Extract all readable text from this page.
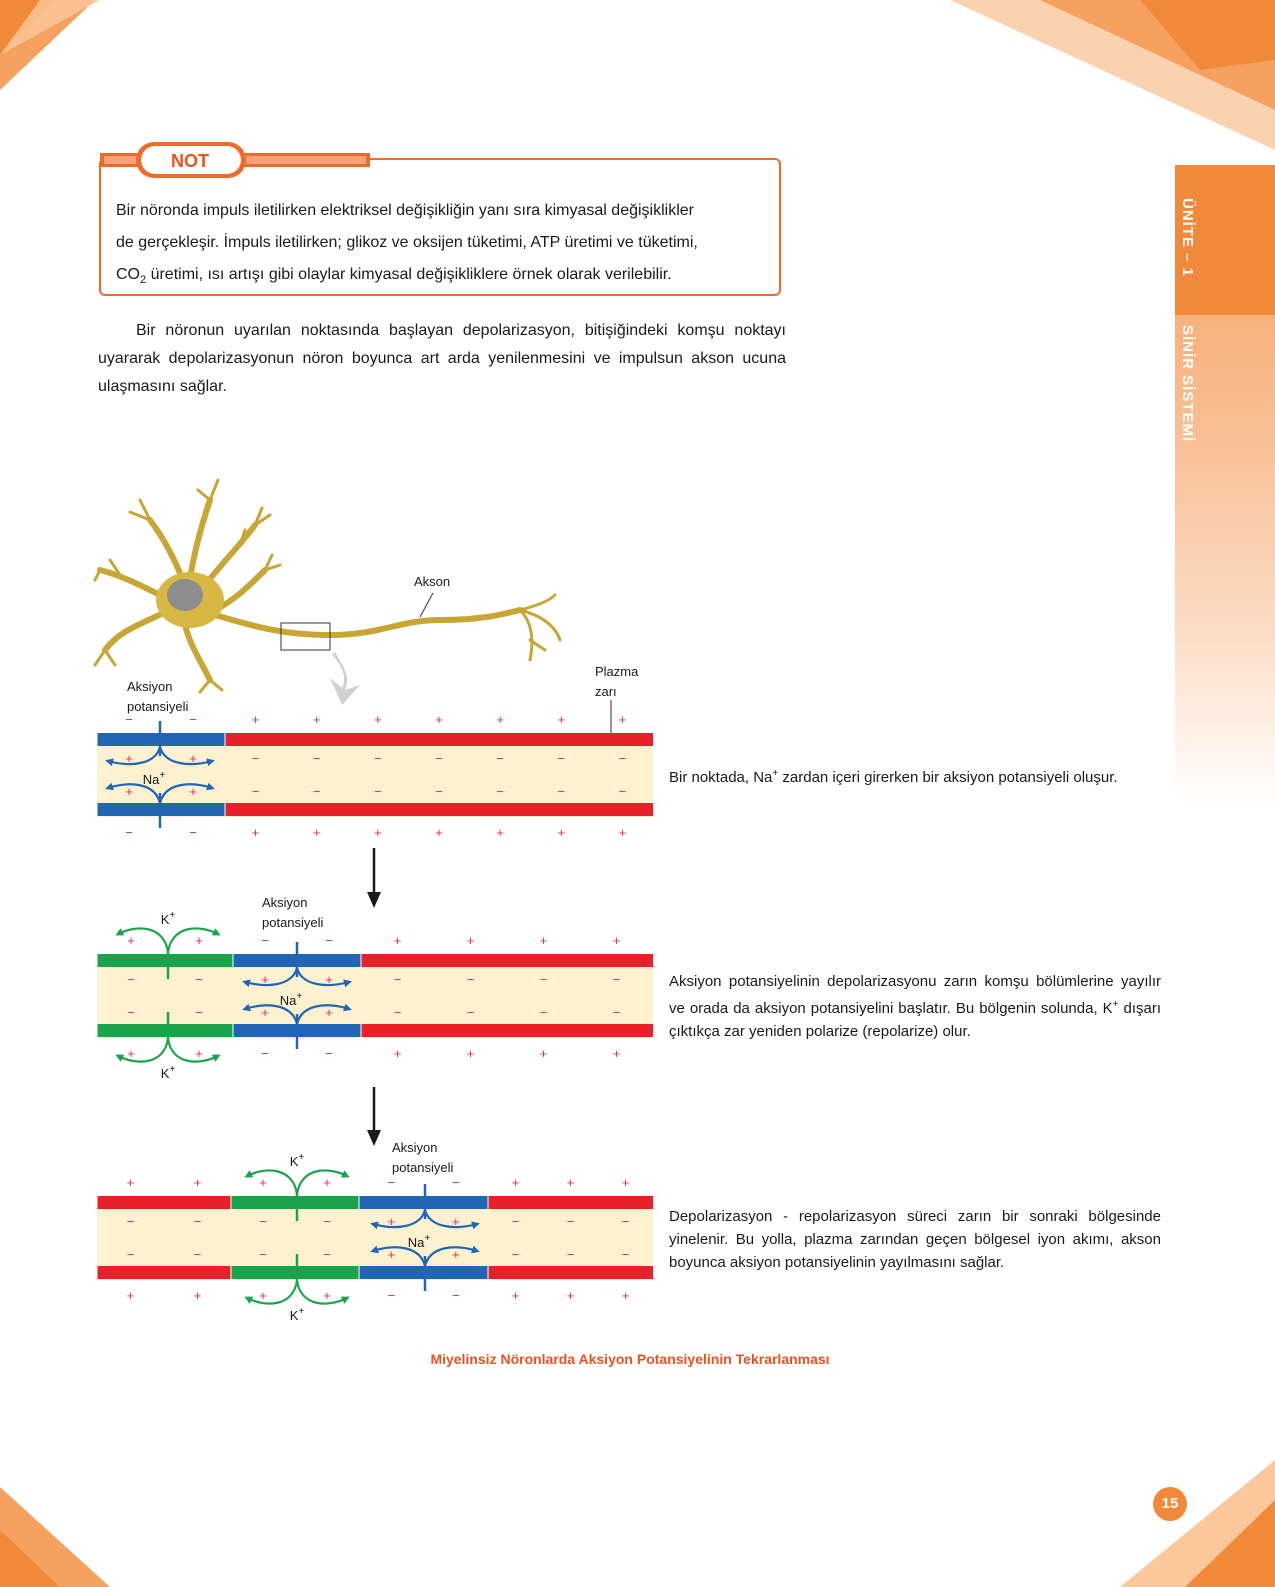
ÜNİTE – 1
SİNİR SİSTEMİ
NOT
Bir nöronda impuls iletilirken elektriksel değişikliğin yanı sıra kimyasal değişiklikler
de gerçekleşir. İmpuls iletilirken; glikoz ve oksijen tüketimi, ATP üretimi ve tüketimi,
$CO_2$ üretimi, ısı artışı gibi olaylar kimyasal değişikliklere örnek olarak verilebilir.
Bir nöronun uyarılan noktasında başlayan depolarizasyon, bitişiğindeki komşu noktayı uyararak depolarizasyonun nöron boyunca art arda yenilenmesini ve impulsun akson ucuna ulaşmasını sağlar.
Akson
Plazma
zarı
Aksiyon
potansiyeli
Aksiyon
potansiyeli
Aksiyon
potansiyeli
−
+
+
−
−
+
+
−
+
−
−
+
+
−
−
+
+
−
−
+
+
−
−
+
+
−
−
+
+
−
−
+
+
−
−
+
Na+
+
−
−
+
+
−
−
+
−
+
+
−
−
+
+
−
+
−
−
+
+
−
−
+
+
−
−
+
+
−
−
+
Na+
K+
K+
+
−
−
+
+
−
−
+
+
−
−
+
+
−
−
+
−
+
+
−
−
+
+
−
+
−
−
+
+
−
−
+
+
−
−
+
Na+
K+
K+
Bir noktada, Na+ zardan içeri girerken bir aksiyon potansiyeli oluşur.
Aksiyon potansiyelinin depolarizasyonu zarın komşu bölümlerine yayılır ve orada da aksiyon potansiyelini başlatır. Bu bölgenin solunda, K+ dışarı çıktıkça zar yeniden polarize (repolarize) olur.
Depolarizasyon - repolarizasyon süreci zarın bir sonraki bölgesinde yinelenir. Bu yolla, plazma zarından geçen bölgesel iyon akımı, akson boyunca aksiyon potansiyelinin yayılmasını sağlar.
Miyelinsiz Nöronlarda Aksiyon Potansiyelinin Tekrarlanması
15
